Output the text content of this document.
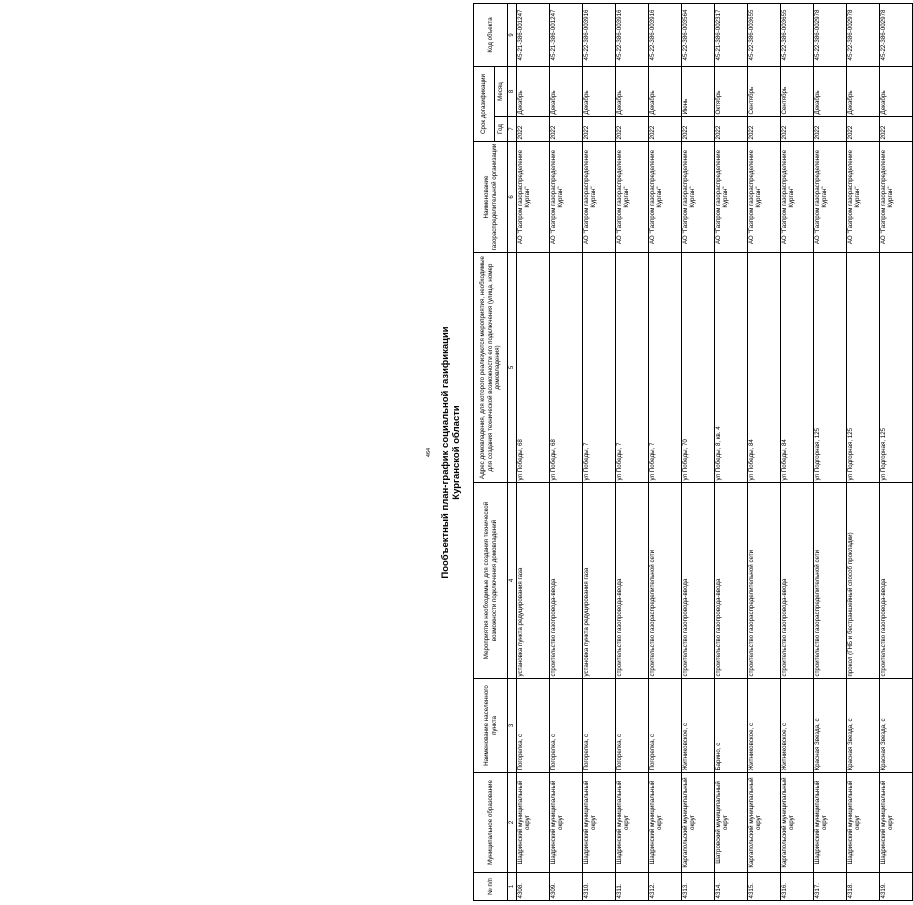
464 Пообъектный план-график социальной газификации Курганской области
№ п/п	Муниципальное образование	Наименование населенного пункта	Мероприятия необходимые для создания технической возможности подключения домовладений	Адрес домовладения, для которого реализуются мероприятия, необходимые для создания технической возможности его подключения (улица, номер домовладения)	Наименование газораспределительной организации	Срок догазификации		Код объекта
						Год	Месяц	
1	2	3	4	5	6	7	8	9
4308.	Шадринский муниципальный округ	Погорелка, с	установка пункта редуцирования газа	ул Победы, 68	АО "Газпром газораспределение Курган"	2022	Декабрь	45-21-386-001247
4309.	Шадринский муниципальный округ	Погорелка, с	строительство газопровода-ввода	ул Победы, 68	АО "Газпром газораспределение Курган"	2022	Декабрь	45-21-386-001247
4310.	Шадринский муниципальный округ	Погорелка, с	установка пункта редуцирования газа	ул Победы, 7	АО "Газпром газораспределение Курган"	2022	Декабрь	45-22-386-003916
4311.	Шадринский муниципальный округ	Погорелка, с	строительство газопровода-ввода	ул Победы, 7	АО "Газпром газораспределение Курган"	2022	Декабрь	45-22-386-003916
4312.	Шадринский муниципальный округ	Погорелка, с	строительство газораспределительной сети	ул Победы, 7	АО "Газпром газораспределение Курган"	2022	Декабрь	45-22-386-003916
4313.	Каргапольский муниципальный округ	Житниковское, с	строительство газопровода-ввода	ул Победы, 70	АО "Газпром газораспределение Курган"	2022	Июнь	45-22-386-003564
4314.	Шатровский муниципальный округ	Барино, с	строительство газопровода-ввода	ул Победы, 8, кв. 4	АО "Газпром газораспределение Курган"	2022	Октябрь	45-21-386-002317
4315.	Каргапольский муниципальный округ	Житниковское, с	строительство газораспределительной сети	ул Победы, 84	АО "Газпром газораспределение Курган"	2022	Сентябрь	45-22-386-003655
4316.	Каргапольский муниципальный округ	Житниковское, с	строительство газопровода-ввода	ул Победы, 84	АО "Газпром газораспределение Курган"	2022	Сентябрь	45-22-386-003655
4317.	Шадринский муниципальный округ	Красная Звезда, с	строительство газораспределительной сети	ул Подгорная, 125	АО "Газпром газораспределение Курган"	2022	Декабрь	45-22-386-002978
4318.	Шадринский муниципальный округ	Красная Звезда, с	прокол (ГНБ и бестраншейный способ прокладки)	ул Подгорная, 125	АО "Газпром газораспределение Курган"	2022	Декабрь	45-22-386-002978
4319.	Шадринский муниципальный округ	Красная Звезда, с	строительство газопровода-ввода	ул Подгорная, 125	АО "Газпром газораспределение Курган"	2022	Декабрь	45-22-386-002978
